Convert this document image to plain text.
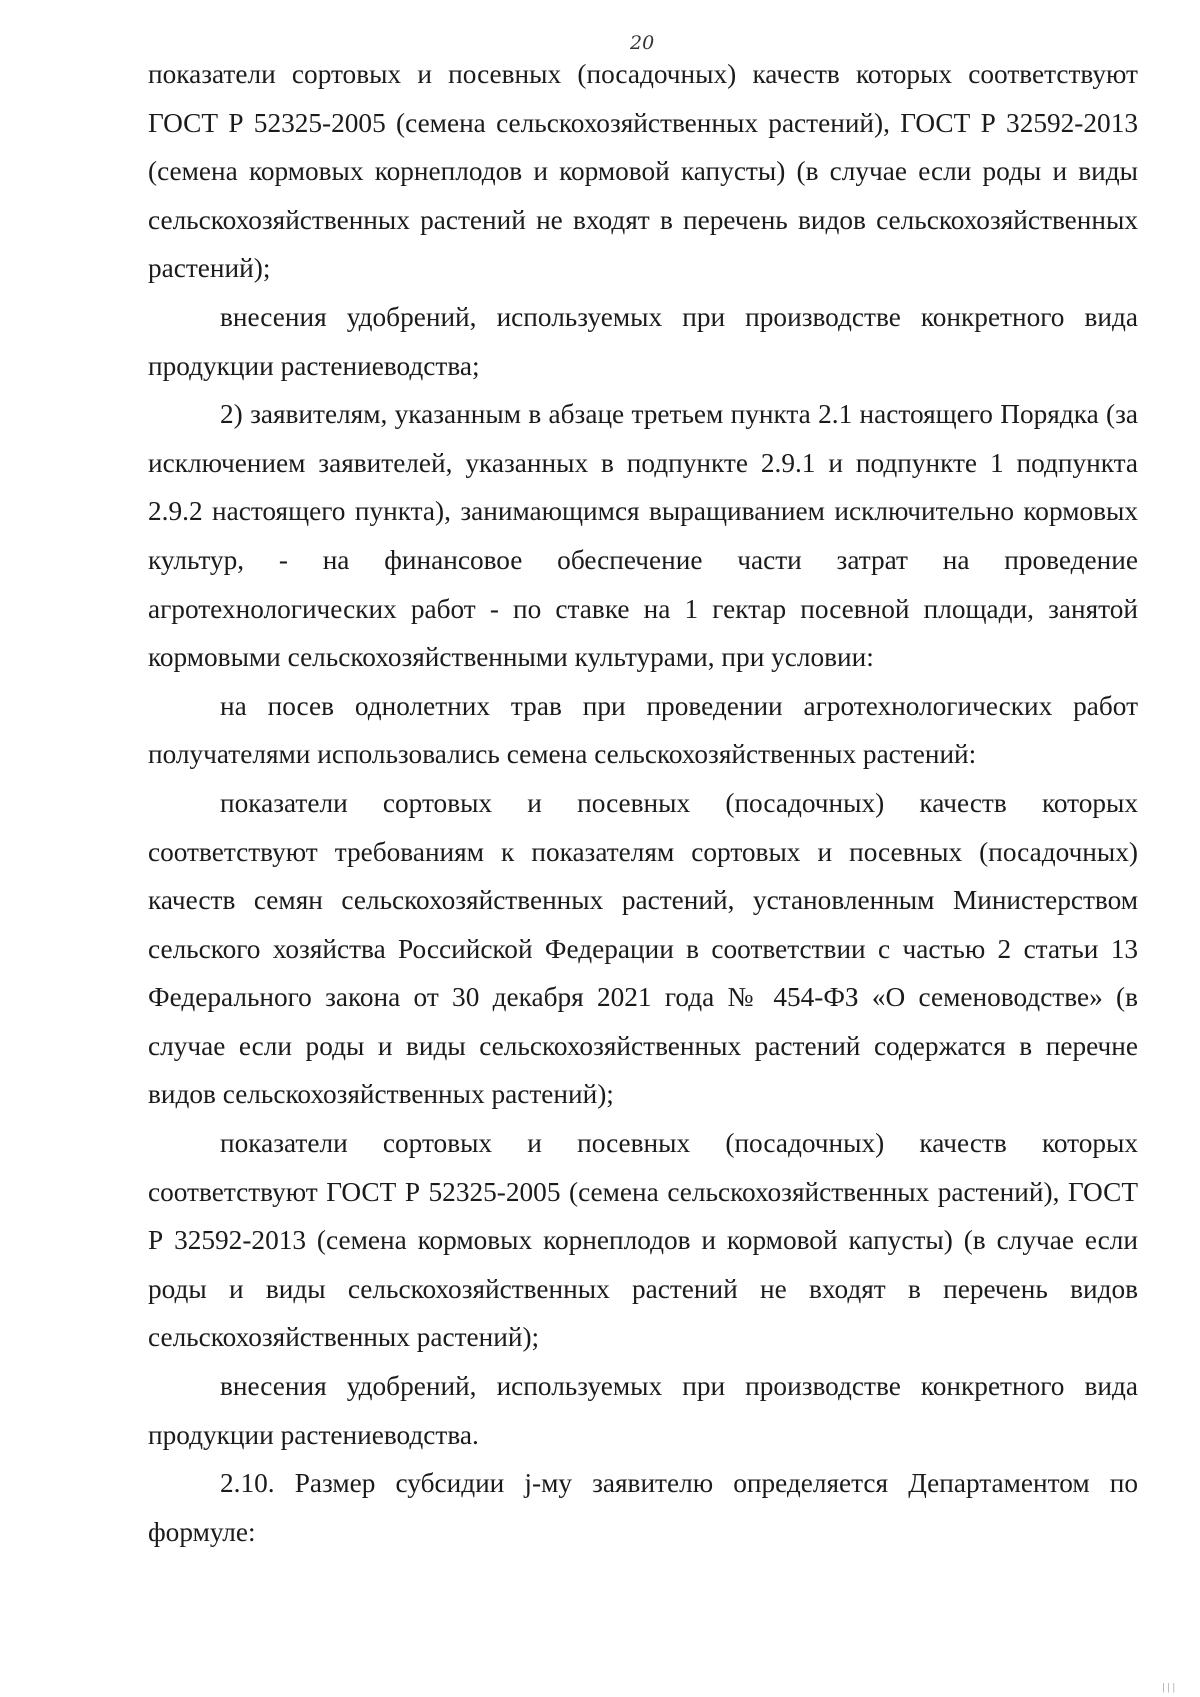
20

показатели сортовых и посевных (посадочных) качеств которых соответствуют ГОСТ Р 52325-2005 (семена сельскохозяйственных растений), ГОСТ Р 32592-2013 (семена кормовых корнеплодов и кормовой капусты) (в случае если роды и виды сельскохозяйственных растений не входят в перечень видов сельскохозяйственных растений);

внесения удобрений, используемых при производстве конкретного вида продукции растениеводства;

2) заявителям, указанным в абзаце третьем пункта 2.1 настоящего Порядка (за исключением заявителей, указанных в подпункте 2.9.1 и подпункте 1 подпункта 2.9.2 настоящего пункта), занимающимся выращиванием исключительно кормовых культур, - на финансовое обеспечение части затрат на проведение агротехнологических работ - по ставке на 1 гектар посевной площади, занятой кормовыми сельскохозяйственными культурами, при условии:

на посев однолетних трав при проведении агротехнологических работ получателями использовались семена сельскохозяйственных растений:

показатели сортовых и посевных (посадочных) качеств которых соответствуют требованиям к показателям сортовых и посевных (посадочных) качеств семян сельскохозяйственных растений, установленным Министерством сельского хозяйства Российской Федерации в соответствии с частью 2 статьи 13 Федерального закона от 30 декабря 2021 года № 454-ФЗ «О семеноводстве» (в случае если роды и виды сельскохозяйственных растений содержатся в перечне видов сельскохозяйственных растений);

показатели сортовых и посевных (посадочных) качеств которых соответствуют ГОСТ Р 52325-2005 (семена сельскохозяйственных растений), ГОСТ Р 32592-2013 (семена кормовых корнеплодов и кормовой капусты) (в случае если роды и виды сельскохозяйственных растений не входят в перечень видов сельскохозяйственных растений);

внесения удобрений, используемых при производстве конкретного вида продукции растениеводства.

2.10. Размер субсидии j-му заявителю определяется Департаментом по формуле:

|||
